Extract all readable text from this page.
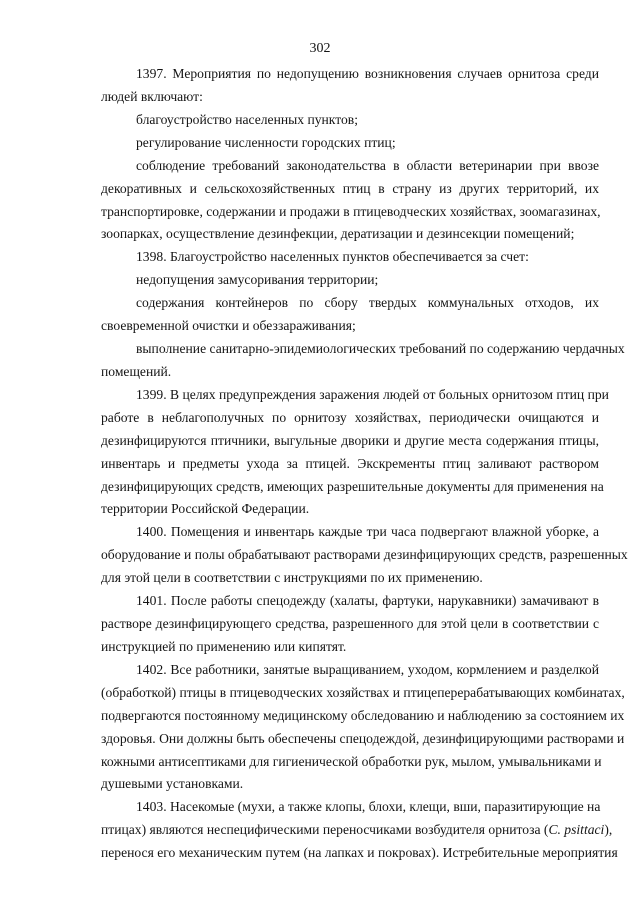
302
1397. Мероприятия по недопущению возникновения случаев орнитоза среди
людей включают:
благоустройство населенных пунктов;
регулирование численности городских птиц;
соблюдение требований законодательства в области ветеринарии при ввозе
декоративных и сельскохозяйственных птиц в страну из других территорий, их
транспортировке, содержании и продажи в птицеводческих хозяйствах, зоомагазинах,
зоопарках, осуществление дезинфекции, дератизации и дезинсекции помещений;
1398. Благоустройство населенных пунктов обеспечивается за счет:
недопущения замусоривания территории;
содержания контейнеров по сбору твердых коммунальных отходов, их
своевременной очистки и обеззараживания;
выполнение санитарно-эпидемиологических требований по содержанию чердачных
помещений.
1399. В целях предупреждения заражения людей от больных орнитозом птиц при
работе в неблагополучных по орнитозу хозяйствах, периодически очищаются и
дезинфицируются птичники, выгульные дворики и другие места содержания птицы,
инвентарь и предметы ухода за птицей. Экскременты птиц заливают раствором
дезинфицирующих средств, имеющих разрешительные документы для применения на
территории Российской Федерации.
1400. Помещения и инвентарь каждые три часа подвергают влажной уборке, а
оборудование и полы обрабатывают растворами дезинфицирующих средств, разрешенных
для этой цели в соответствии с инструкциями по их применению.
1401. После работы спецодежду (халаты, фартуки, нарукавники) замачивают в
растворе дезинфицирующего средства, разрешенного для этой цели в соответствии с
инструкцией по применению или кипятят.
1402. Все работники, занятые выращиванием, уходом, кормлением и разделкой
(обработкой) птицы в птицеводческих хозяйствах и птицеперерабатывающих комбинатах,
подвергаются постоянному медицинскому обследованию и наблюдению за состоянием их
здоровья. Они должны быть обеспечены спецодеждой, дезинфицирующими растворами и
кожными антисептиками для гигиенической обработки рук, мылом, умывальниками и
душевыми установками.
1403. Насекомые (мухи, а также клопы, блохи, клещи, вши, паразитирующие на
птицах) являются неспецифическими переносчиками возбудителя орнитоза (C. psittaci),
перенося его механическим путем (на лапках и покровах). Истребительные мероприятия
